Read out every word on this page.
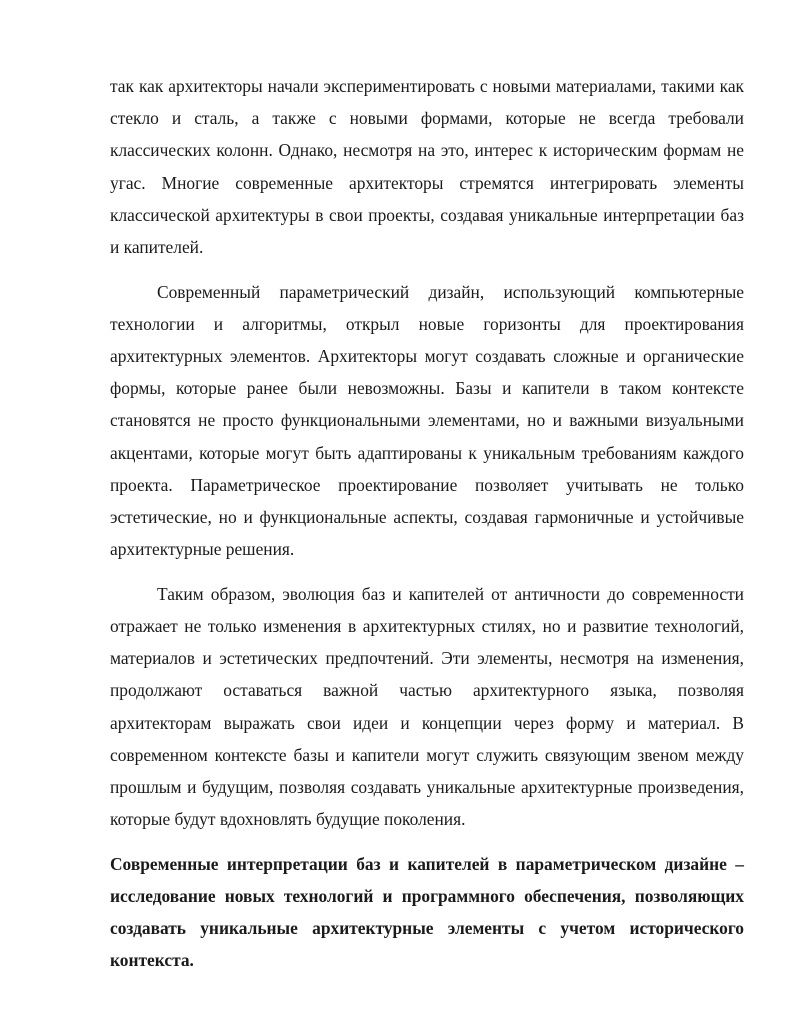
так как архитекторы начали экспериментировать с новыми материалами, такими как стекло и сталь, а также с новыми формами, которые не всегда требовали классических колонн. Однако, несмотря на это, интерес к историческим формам не угас. Многие современные архитекторы стремятся интегрировать элементы классической архитектуры в свои проекты, создавая уникальные интерпретации баз и капителей.

Современный параметрический дизайн, использующий компьютерные технологии и алгоритмы, открыл новые горизонты для проектирования архитектурных элементов. Архитекторы могут создавать сложные и органические формы, которые ранее были невозможны. Базы и капители в таком контексте становятся не просто функциональными элементами, но и важными визуальными акцентами, которые могут быть адаптированы к уникальным требованиям каждого проекта. Параметрическое проектирование позволяет учитывать не только эстетические, но и функциональные аспекты, создавая гармоничные и устойчивые архитектурные решения.

Таким образом, эволюция баз и капителей от античности до современности отражает не только изменения в архитектурных стилях, но и развитие технологий, материалов и эстетических предпочтений. Эти элементы, несмотря на изменения, продолжают оставаться важной частью архитектурного языка, позволяя архитекторам выражать свои идеи и концепции через форму и материал. В современном контексте базы и капители могут служить связующим звеном между прошлым и будущим, позволяя создавать уникальные архитектурные произведения, которые будут вдохновлять будущие поколения.

Современные интерпретации баз и капителей в параметрическом дизайне – исследование новых технологий и программного обеспечения, позволяющих создавать уникальные архитектурные элементы с учетом исторического контекста.
